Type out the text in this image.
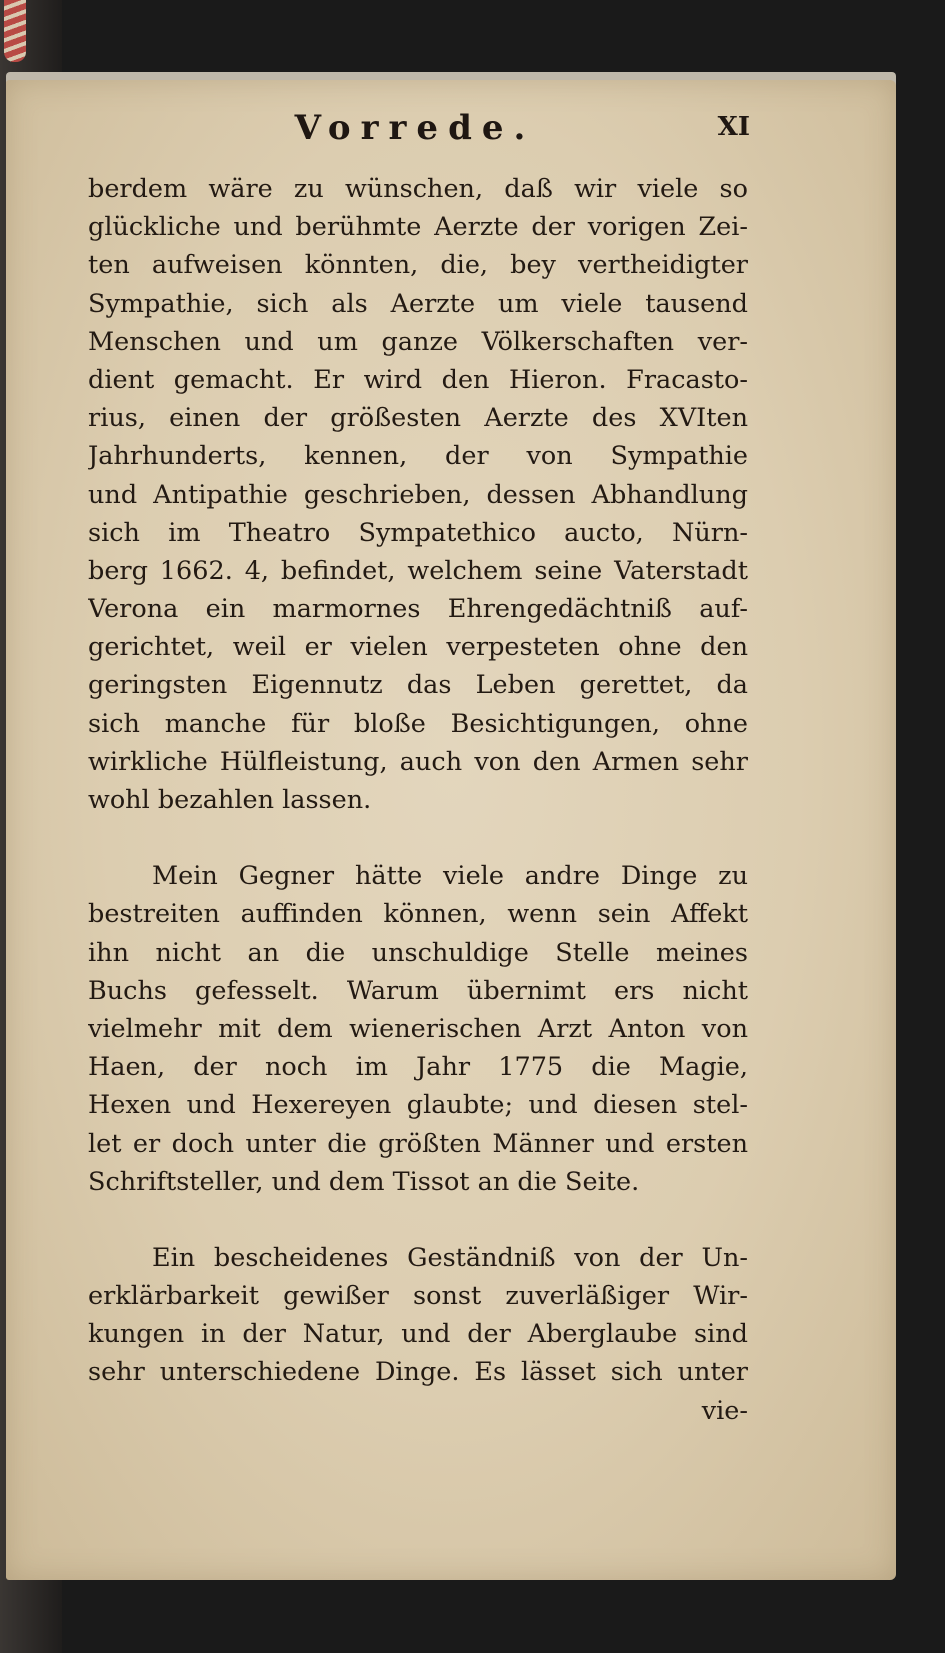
Vorrede.	XI
berdem wäre zu wünschen, daß wir viele so
glückliche und berühmte Aerzte der vorigen Zei-
ten aufweisen könnten, die, bey vertheidigter
Sympathie, sich als Aerzte um viele tausend
Menschen und um ganze Völkerschaften ver-
dient gemacht. Er wird den Hieron. Fracasto-
rius, einen der größesten Aerzte des XVIten
Jahrhunderts, kennen, der von Sympathie
und Antipathie geschrieben, dessen Abhandlung
sich im Theatro Sympatethico aucto, Nürn-
berg 1662. 4, befindet, welchem seine Vaterstadt
Verona ein marmornes Ehrengedächtniß auf-
gerichtet, weil er vielen verpesteten ohne den
geringsten Eigennutz das Leben gerettet, da
sich manche für bloße Besichtigungen, ohne
wirkliche Hülfleistung, auch von den Armen sehr
wohl bezahlen lassen.
Mein Gegner hätte viele andre Dinge zu
bestreiten auffinden können, wenn sein Affekt
ihn nicht an die unschuldige Stelle meines
Buchs gefesselt. Warum übernimt ers nicht
vielmehr mit dem wienerischen Arzt Anton von
Haen, der noch im Jahr 1775 die Magie,
Hexen und Hexereyen glaubte; und diesen stel-
let er doch unter die größten Männer und ersten
Schriftsteller, und dem Tissot an die Seite.
Ein bescheidenes Geständniß von der Un-
erklärbarkeit gewißer sonst zuverläßiger Wir-
kungen in der Natur, und der Aberglaube sind
sehr unterschiedene Dinge. Es lässet sich unter
vie-
